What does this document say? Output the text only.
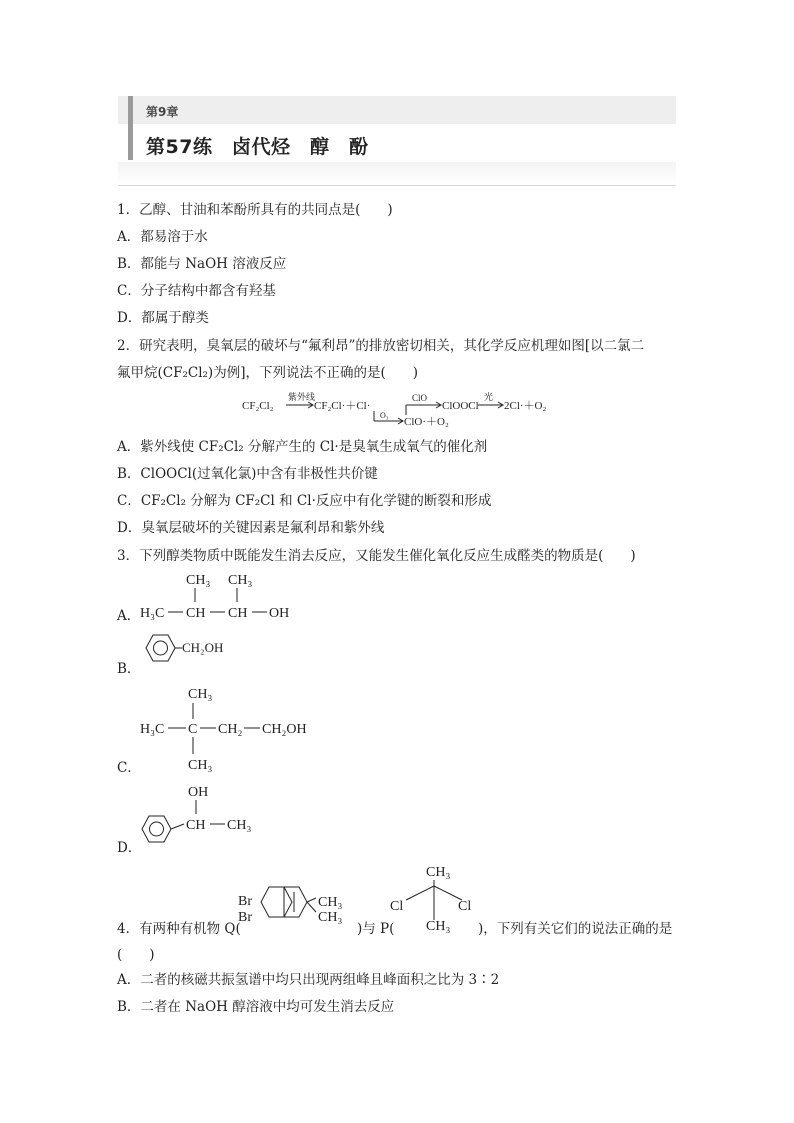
第9章
第57练　卤代烃　醇　酚
1．乙醇、甘油和苯酚所具有的共同点是(　　)
A．都易溶于水
B．都能与 NaOH 溶液反应
C．分子结构中都含有羟基
D．都属于醇类
2．研究表明，臭氧层的破坏与“氟利昂”的排放密切相关，其化学反应机理如图[以二氯二
氟甲烷(CF₂Cl₂)为例]，下列说法不正确的是(　　)
CF₂Cl₂
紫外线
CF₂Cl·＋Cl·
O₃
ClO·＋O₂
ClO
ClOOCl
光
2Cl·＋O₂
A．紫外线使 CF₂Cl₂ 分解产生的 Cl·是臭氧生成氧气的催化剂
B．ClOOCl(过氧化氯)中含有非极性共价键
C．CF₂Cl₂ 分解为 CF₂Cl 和 Cl·反应中有化学键的断裂和形成
D．臭氧层破坏的关键因素是氟利昂和紫外线
3．下列醇类物质中既能发生消去反应，又能发生催化氧化反应生成醛类的物质是(　　)
A．
CH₃ CH₃
H₃C CH CH OH
B．
CH₂OH
C．
CH₃
H₃C C CH₂ CH₂OH
CH₃
D．
OH
CH CH₃
4．有两种有机物 Q(
Br
Br
CH₃
CH₃
)与 P(
CH₃
Cl	Cl
CH₃ )，下列有关它们的说法正确的是
(　　)
A．二者的核磁共振氢谱中均只出现两组峰且峰面积之比为 3∶2
B．二者在 NaOH 醇溶液中均可发生消去反应
